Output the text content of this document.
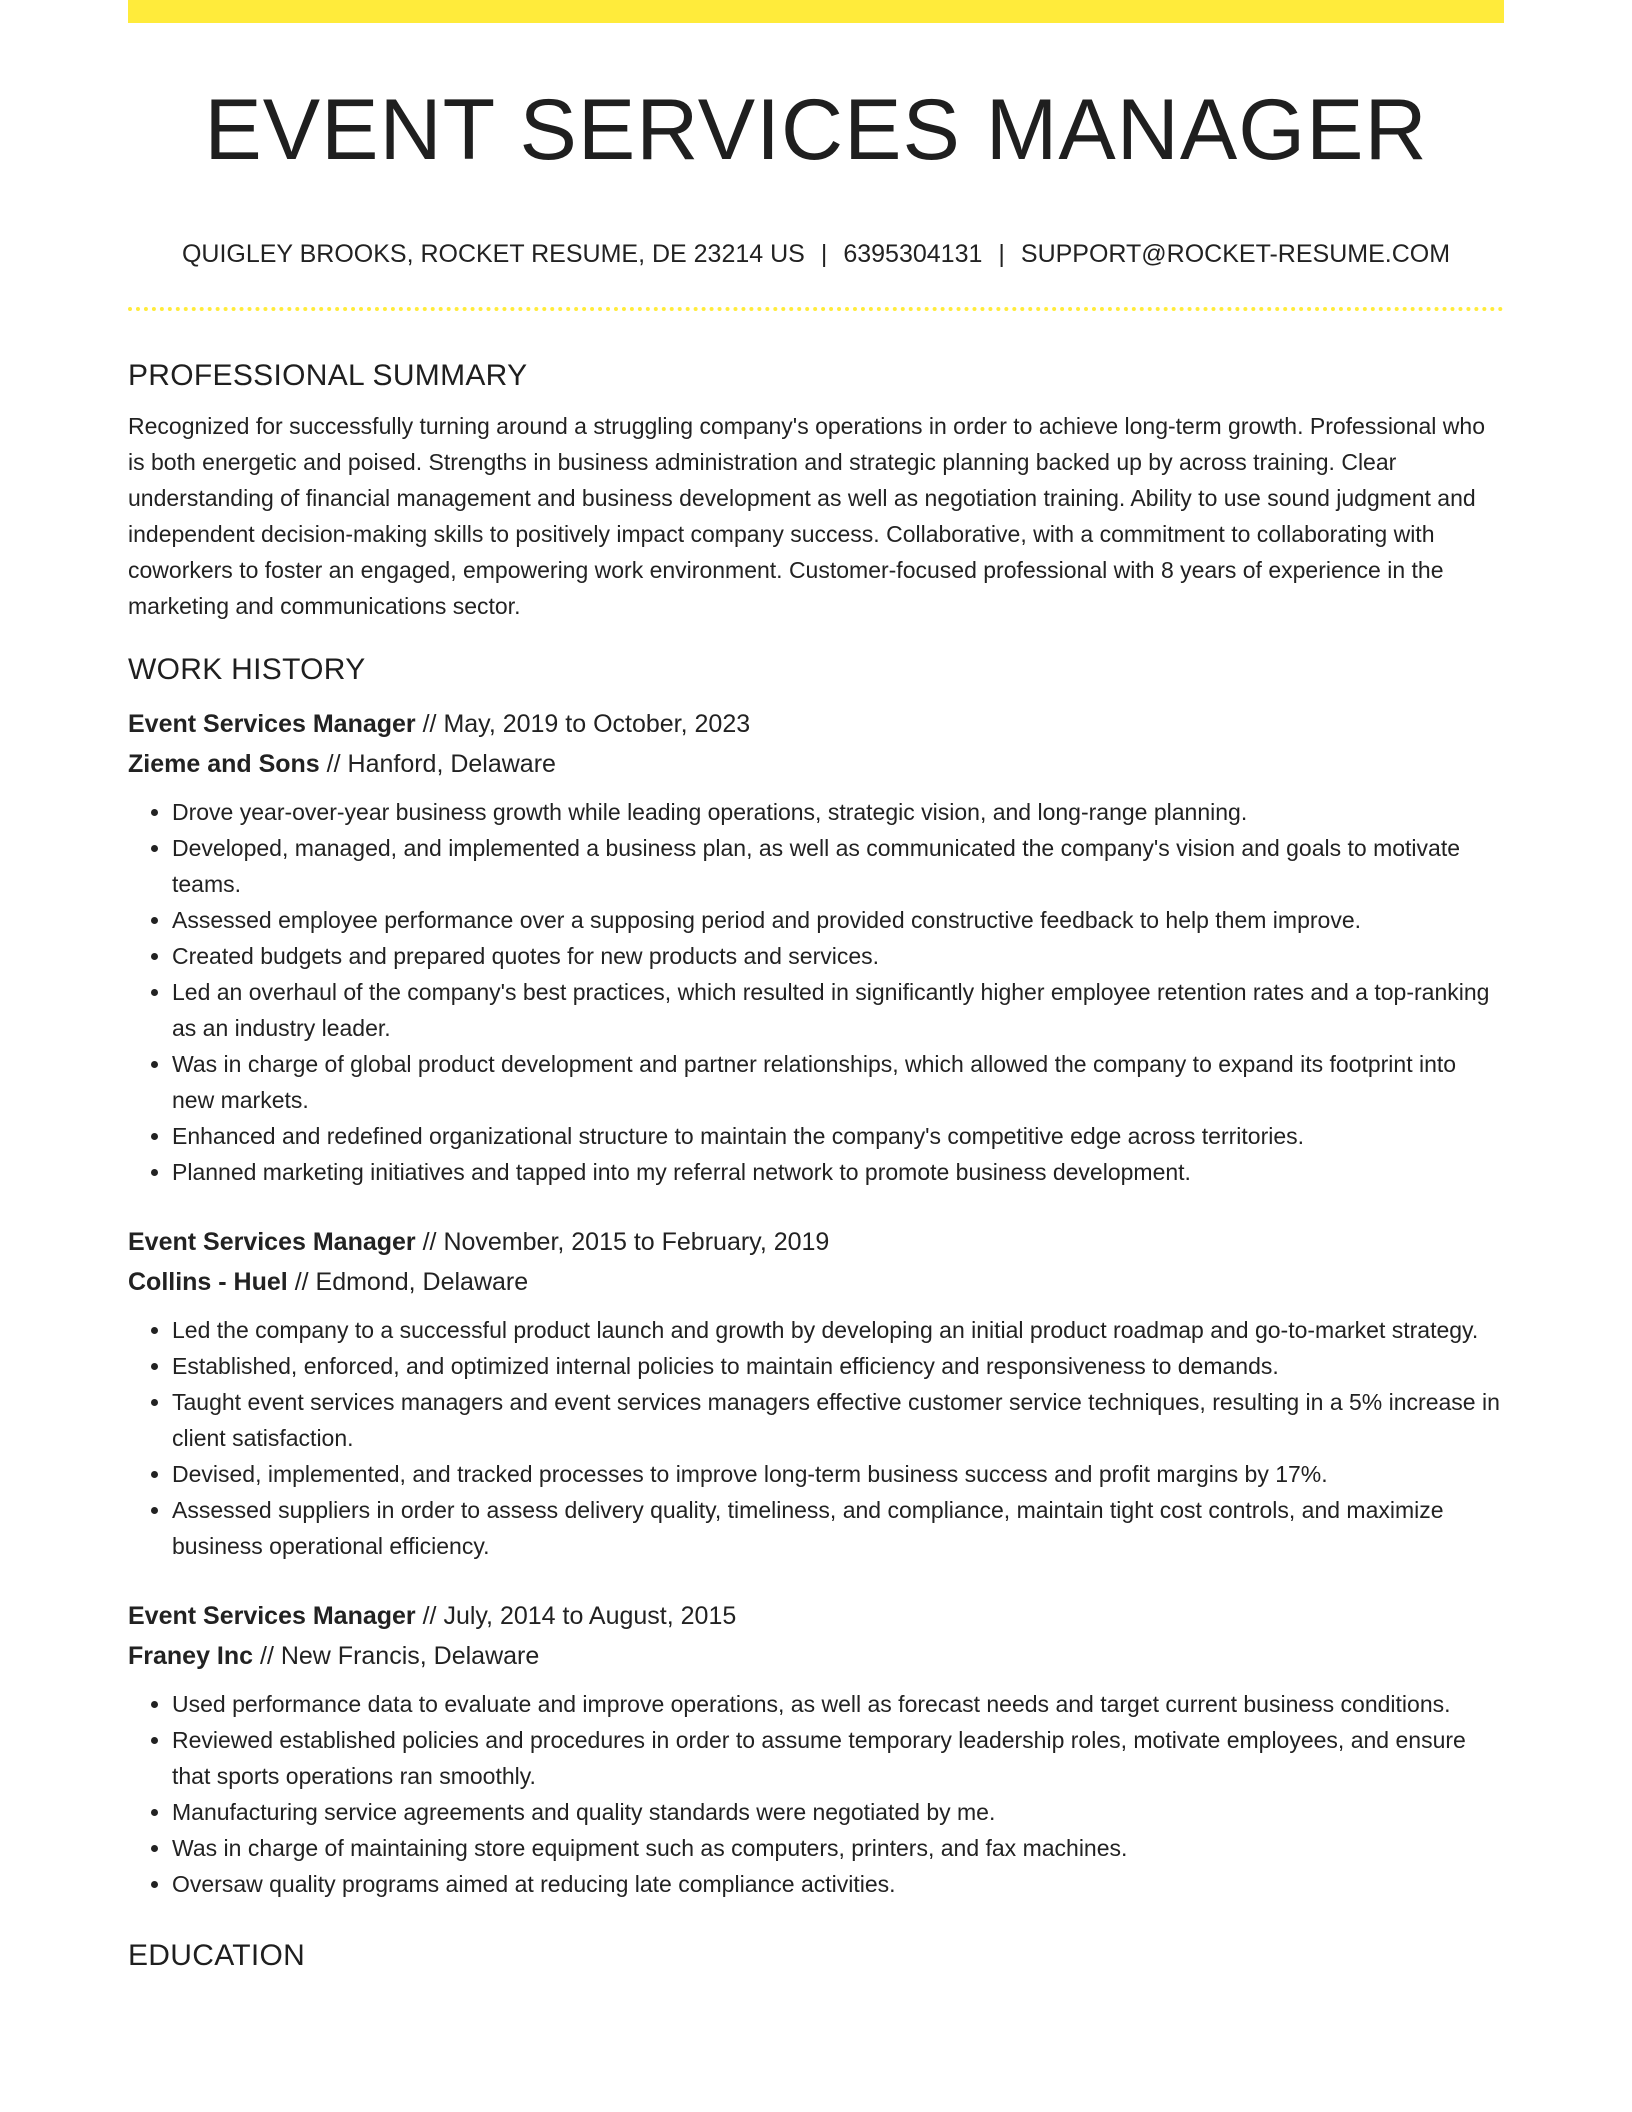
EVENT SERVICES MANAGER
QUIGLEY BROOKS, ROCKET RESUME, DE 23214 US | 6395304131 | SUPPORT@ROCKET-RESUME.COM
PROFESSIONAL SUMMARY

Recognized for successfully turning around a struggling company's operations in order to achieve long-term growth. Professional who is both energetic and poised. Strengths in business administration and strategic planning backed up by across training. Clear understanding of financial management and business development as well as negotiation training. Ability to use sound judgment and independent decision-making skills to positively impact company success. Collaborative, with a commitment to collaborating with coworkers to foster an engaged, empowering work environment. Customer-focused professional with 8 years of experience in the marketing and communications sector.

WORK HISTORY
Event Services Manager // May, 2019 to October, 2023
Zieme and Sons // Hanford, Delaware
• Drove year-over-year business growth while leading operations, strategic vision, and long-range planning.
• Developed, managed, and implemented a business plan, as well as communicated the company's vision and goals to motivate teams.
• Assessed employee performance over a supposing period and provided constructive feedback to help them improve.
• Created budgets and prepared quotes for new products and services.
• Led an overhaul of the company's best practices, which resulted in significantly higher employee retention rates and a top-ranking as an industry leader.
• Was in charge of global product development and partner relationships, which allowed the company to expand its footprint into new markets.
• Enhanced and redefined organizational structure to maintain the company's competitive edge across territories.
• Planned marketing initiatives and tapped into my referral network to promote business development.
Event Services Manager // November, 2015 to February, 2019
Collins - Huel // Edmond, Delaware
• Led the company to a successful product launch and growth by developing an initial product roadmap and go-to-market strategy.
• Established, enforced, and optimized internal policies to maintain efficiency and responsiveness to demands.
• Taught event services managers and event services managers effective customer service techniques, resulting in a 5% increase in client satisfaction.
• Devised, implemented, and tracked processes to improve long-term business success and profit margins by 17%.
• Assessed suppliers in order to assess delivery quality, timeliness, and compliance, maintain tight cost controls, and maximize business operational efficiency.
Event Services Manager // July, 2014 to August, 2015
Franey Inc // New Francis, Delaware
• Used performance data to evaluate and improve operations, as well as forecast needs and target current business conditions.
• Reviewed established policies and procedures in order to assume temporary leadership roles, motivate employees, and ensure that sports operations ran smoothly.
• Manufacturing service agreements and quality standards were negotiated by me.
• Was in charge of maintaining store equipment such as computers, printers, and fax machines.
• Oversaw quality programs aimed at reducing late compliance activities.
EDUCATION
